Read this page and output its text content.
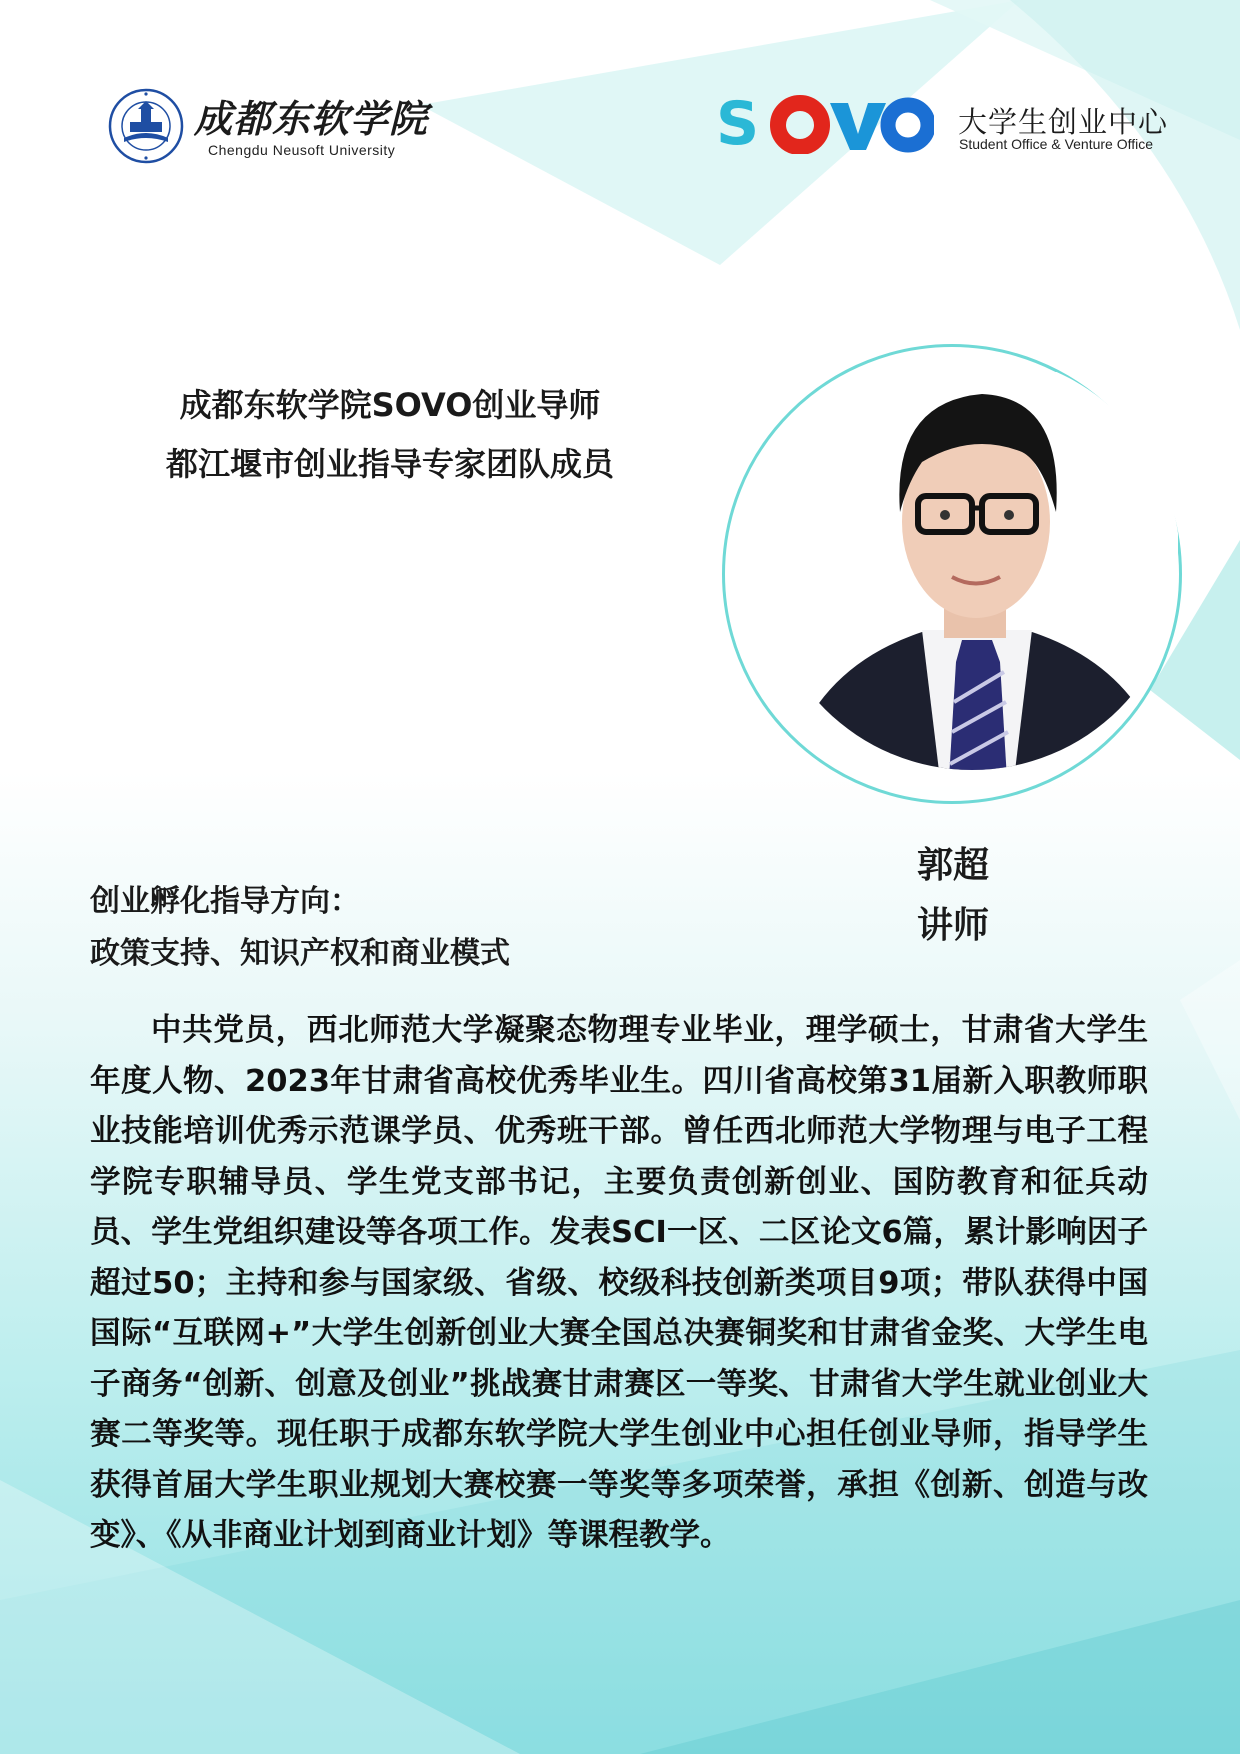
成都东软学院
Chengdu Neusoft University	S	大学生创业中心
Student Office & Venture Office
成都东软学院SOVO创业导师
都江堰市创业指导专家团队成员
郭超
讲师
创业孵化指导方向：
政策支持、知识产权和商业模式
中共党员，西北师范大学凝聚态物理专业毕业，理学硕士，甘肃省大学生年度人物、2023年甘肃省高校优秀毕业生。四川省高校第31届新入职教师职业技能培训优秀示范课学员、优秀班干部。曾任西北师范大学物理与电子工程学院专职辅导员、学生党支部书记，主要负责创新创业、国防教育和征兵动员、学生党组织建设等各项工作。发表SCI一区、二区论文6篇，累计影响因子超过50；主持和参与国家级、省级、校级科技创新类项目9项；带队获得中国国际“互联网+”大学生创新创业大赛全国总决赛铜奖和甘肃省金奖、大学生电子商务“创新、创意及创业”挑战赛甘肃赛区一等奖、甘肃省大学生就业创业大赛二等奖等。现任职于成都东软学院大学生创业中心担任创业导师，指导学生获得首届大学生职业规划大赛校赛一等奖等多项荣誉，承担《创新、创造与改变》、《从非商业计划到商业计划》等课程教学。
